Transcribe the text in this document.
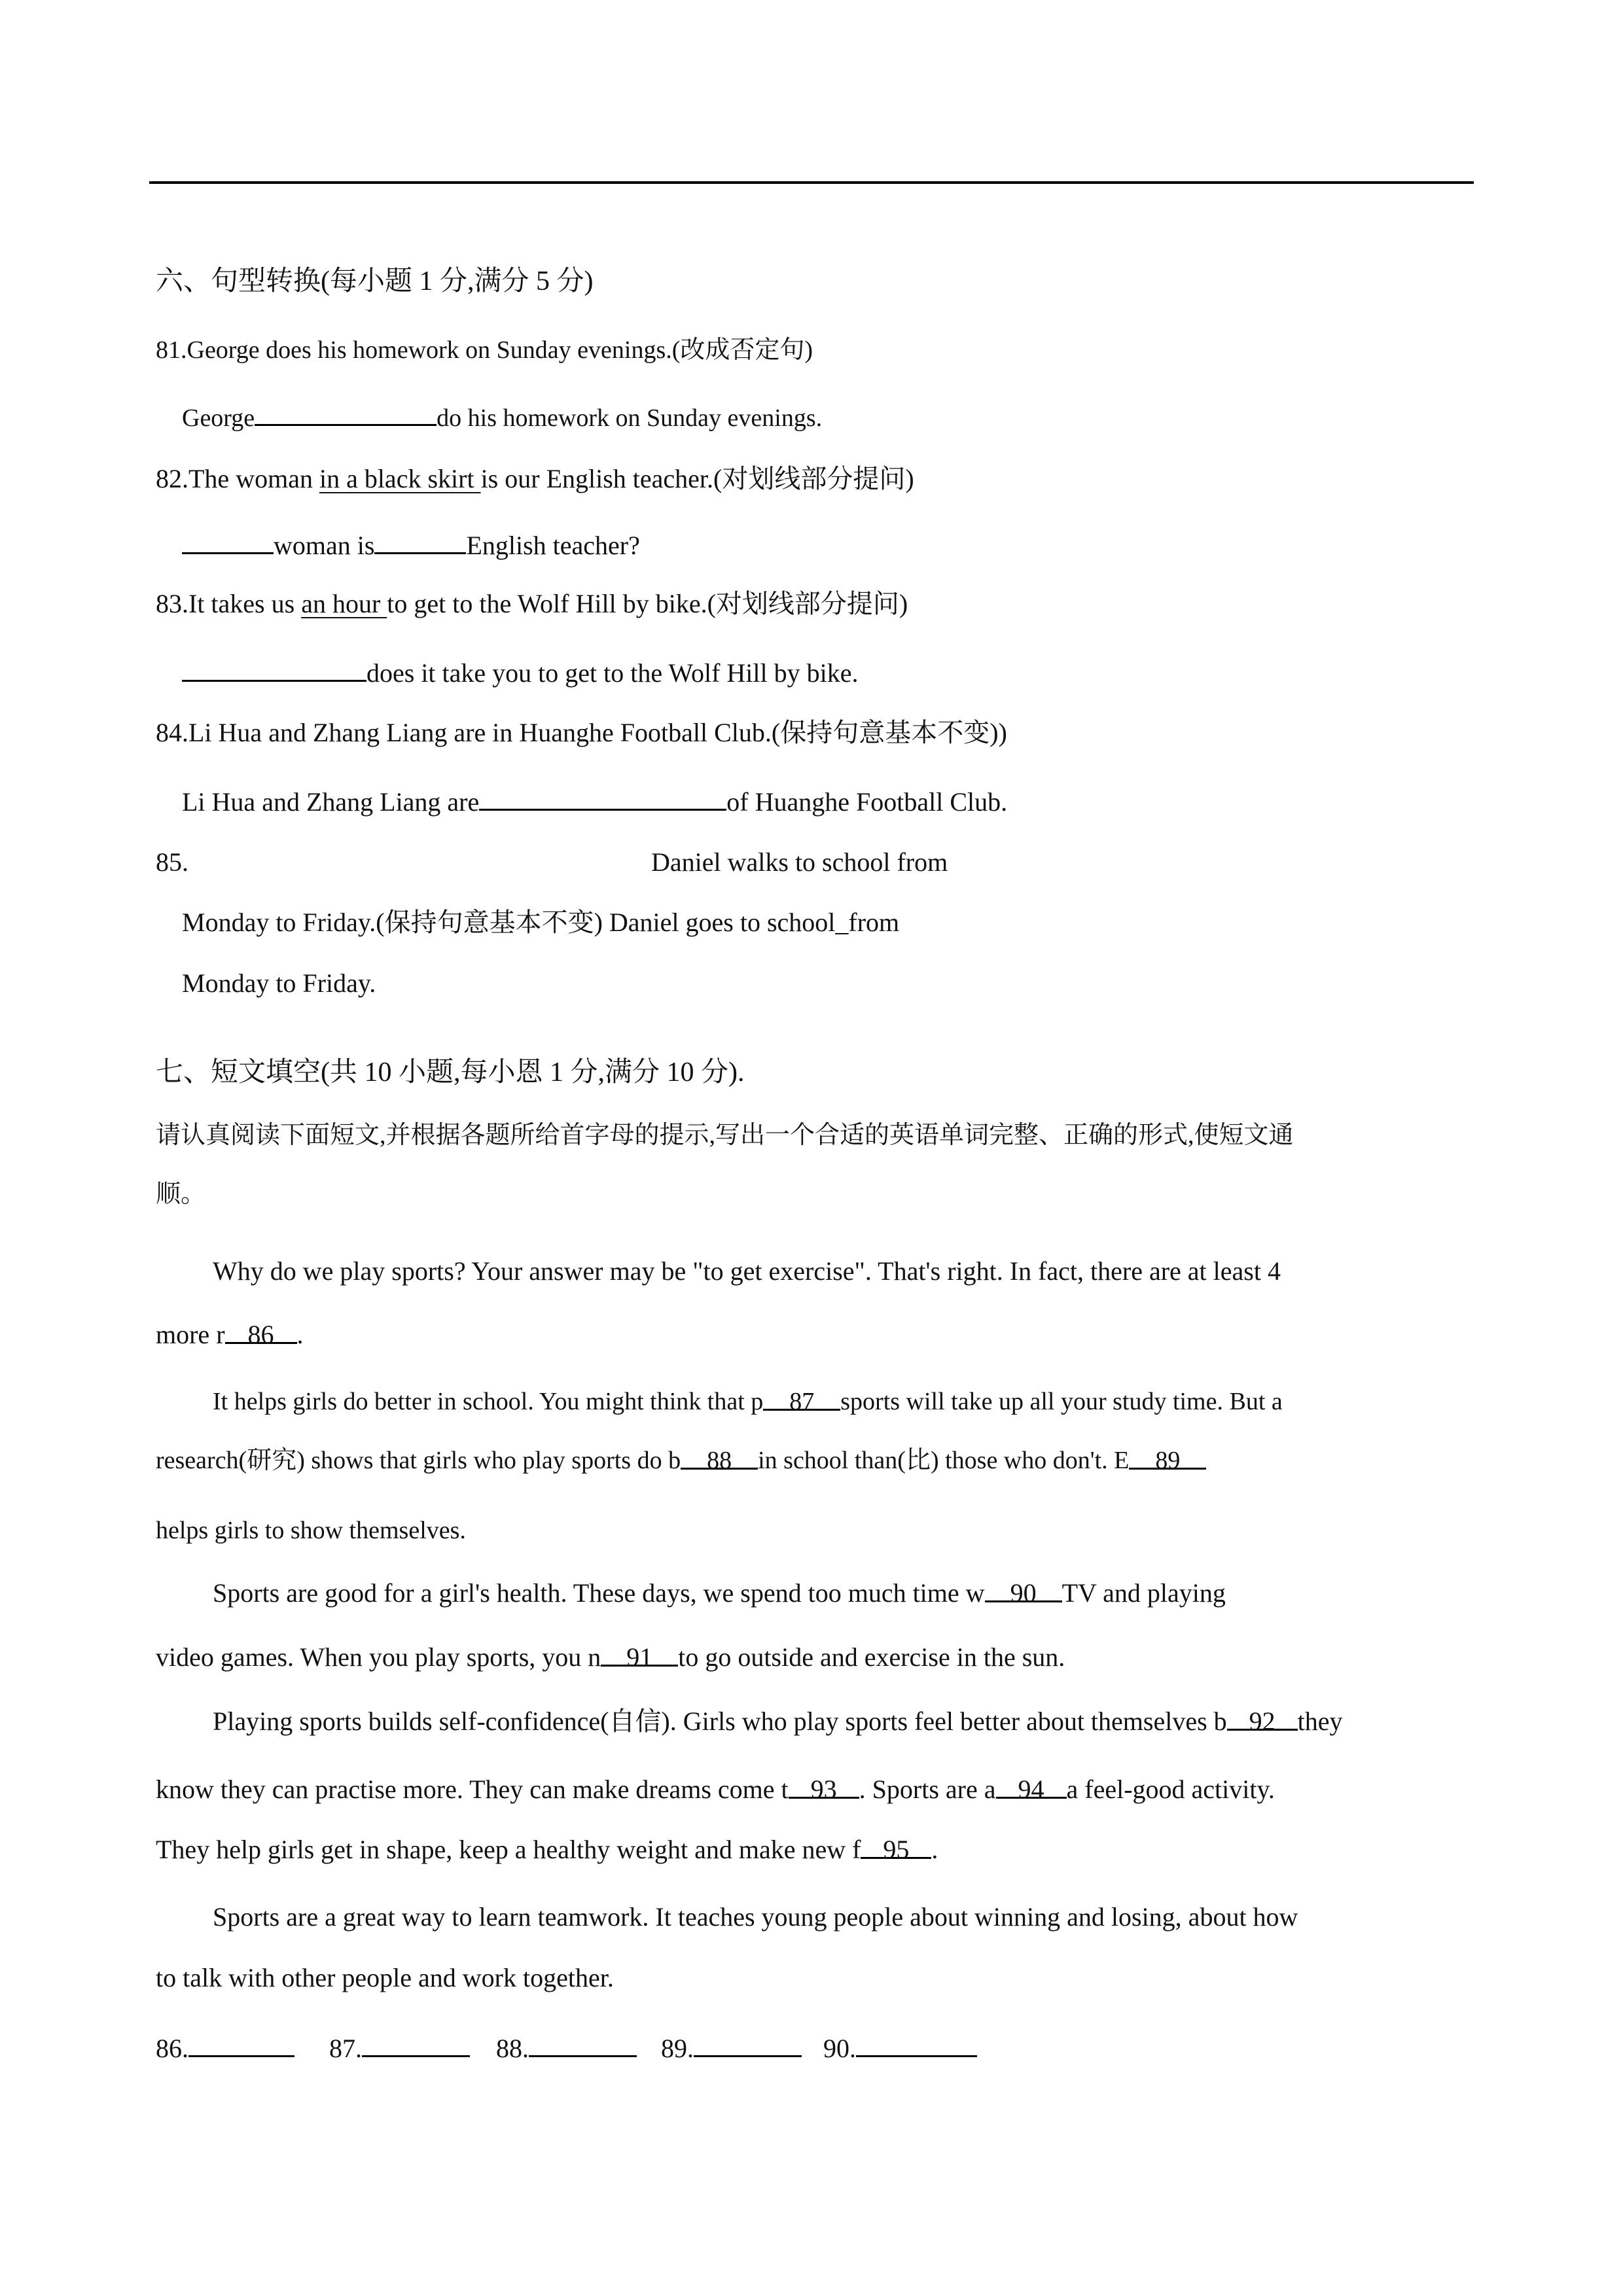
六、句型转换(每小题 1 分,满分 5 分)
81.George does his homework on Sunday evenings.(改成否定句)
George	do his homework on Sunday evenings.
82.The woman in a black skirt is our English teacher.(对划线部分提问)
woman is	English teacher?
83.It takes us an hour to get to the Wolf Hill by bike.(对划线部分提问)
does it take you to get to the Wolf Hill by bike.
84.Li Hua and Zhang Liang are in Huanghe Football Club.(保持句意基本不变))
Li Hua and Zhang Liang are	of Huanghe Football Club.
85.	Daniel walks to school from
Monday to Friday.(保持句意基本不变) Daniel goes to school_from
Monday to Friday.
七、短文填空(共 10 小题,每小恩 1 分,满分 10 分).
请认真阅读下面短文,并根据各题所给首字母的提示,写出一个合适的英语单词完整、正确的形式,使短文通
顺。
Why do we play sports? Your answer may be "to get exercise". That's right. In fact, there are at least 4
more r 86 .
It helps girls do better in school. You might think that p 87 sports will take up all your study time. But a
research(研究) shows that girls who play sports do b 88 in school than(比) those who don't. E 89
helps girls to show themselves.
Sports are good for a girl's health. These days, we spend too much time w 90 TV and playing
video games. When you play sports, you n 91 to go outside and exercise in the sun.
Playing sports builds self-confidence(自信). Girls who play sports feel better about themselves b 92 they
know they can practise more. They can make dreams come t 93 . Sports are a 94 a feel-good activity.
They help girls get in shape, keep a healthy weight and make new f 95 .
Sports are a great way to learn teamwork. It teaches young people about winning and losing, about how
to talk with other people and work together.
86.	87.	88.	89.	90.
